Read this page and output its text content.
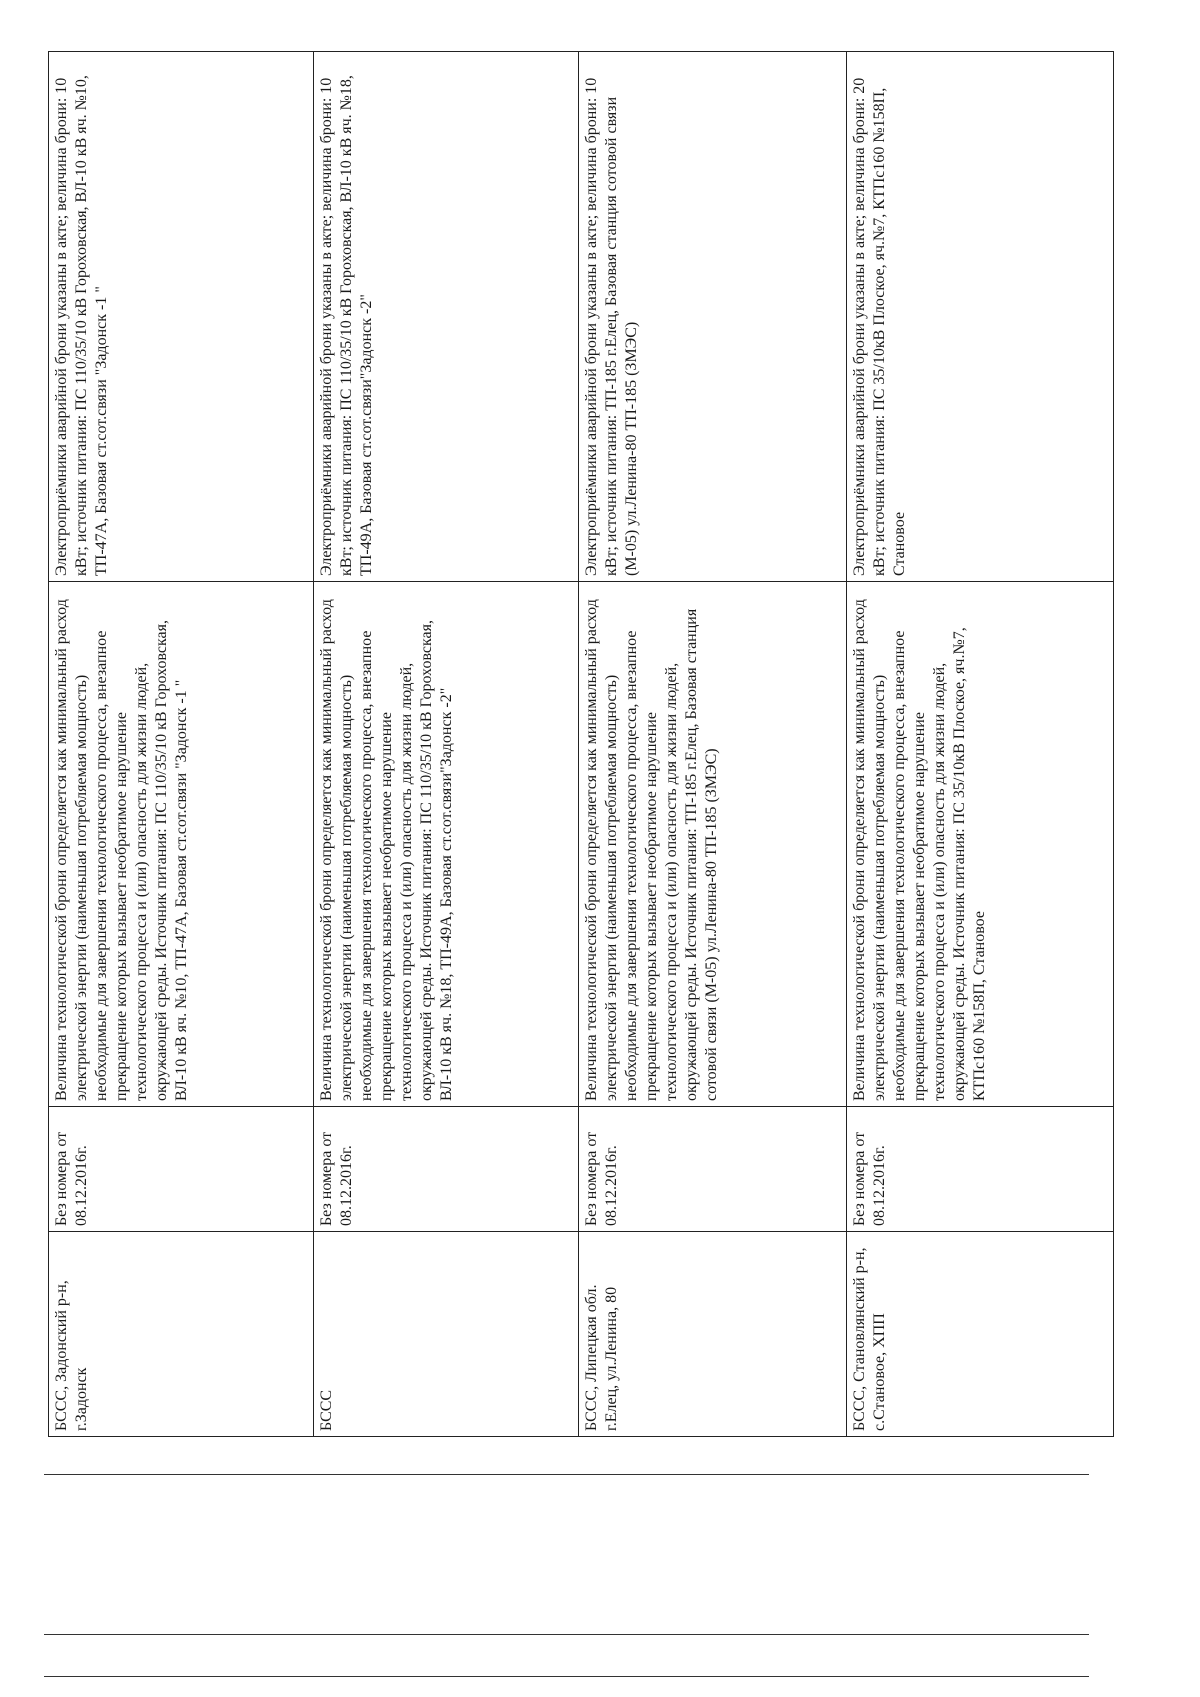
БССС, Задонский р-н, г.Задонск	Без номера от 08.12.2016г.	Величина технологической брони определяется как минимальный расход электрической энергии (наименьшая потребляемая мощность) необходимые для завершения технологического процесса, внезапное прекращение которых вызывает необратимое нарушение технологического процесса и (или) опасность для жизни людей, окружающей среды. Источник питания: ПС 110/35/10 кВ Гороховская, ВЛ-10 кВ яч. №10, ТП-47А, Базовая ст.сот.связи "Задонск -1 "	Электроприёмники аварийной брони указаны в акте; величина брони: 10 кВт; источник питания: ПС 110/35/10 кВ Гороховская, ВЛ-10 кВ яч. №10, ТП-47А, Базовая ст.сот.связи "Задонск -1 "
БССС	Без номера от 08.12.2016г.	Величина технологической брони определяется как минимальный расход электрической энергии (наименьшая потребляемая мощность) необходимые для завершения технологического процесса, внезапное прекращение которых вызывает необратимое нарушение технологического процесса и (или) опасность для жизни людей, окружающей среды. Источник питания: ПС 110/35/10 кВ Гороховская, ВЛ-10 кВ яч. №18, ТП-49А, Базовая ст.сот.связи"Задонск -2"	Электроприёмники аварийной брони указаны в акте; величина брони: 10 кВт; источник питания: ПС 110/35/10 кВ Гороховская, ВЛ-10 кВ яч. №18, ТП-49А, Базовая ст.сот.связи"Задонск -2"
БССС, Липецкая обл. г.Елец, ул.Ленина, 80	Без номера от 08.12.2016г.	Величина технологической брони определяется как минимальный расход электрической энергии (наименьшая потребляемая мощность) необходимые для завершения технологического процесса, внезапное прекращение которых вызывает необратимое нарушение технологического процесса и (или) опасность для жизни людей, окружающей среды. Источник питания: ТП-185 г.Елец, Базовая станция сотовой связи (М-05) ул.Ленина-80 ТП-185 (ЗМЭС)	Электроприёмники аварийной брони указаны в акте; величина брони: 10 кВт; источник питания: ТП-185 г.Елец, Базовая станция сотовой связи (М-05) ул.Ленина-80 ТП-185 (ЗМЭС)
БССС, Становлянский р-н, с.Становое, ХПП	Без номера от 08.12.2016г.	Величина технологической брони определяется как минимальный расход электрической энергии (наименьшая потребляемая мощность) необходимые для завершения технологического процесса, внезапное прекращение которых вызывает необратимое нарушение технологического процесса и (или) опасность для жизни людей, окружающей среды. Источник питания: ПС 35/10кВ Плоское, яч.№7, КТПс160 №158П, Становое	Электроприёмники аварийной брони указаны в акте; величина брони: 20 кВт; источник питания: ПС 35/10кВ Плоское, яч.№7, КТПс160 №158П, Становое
